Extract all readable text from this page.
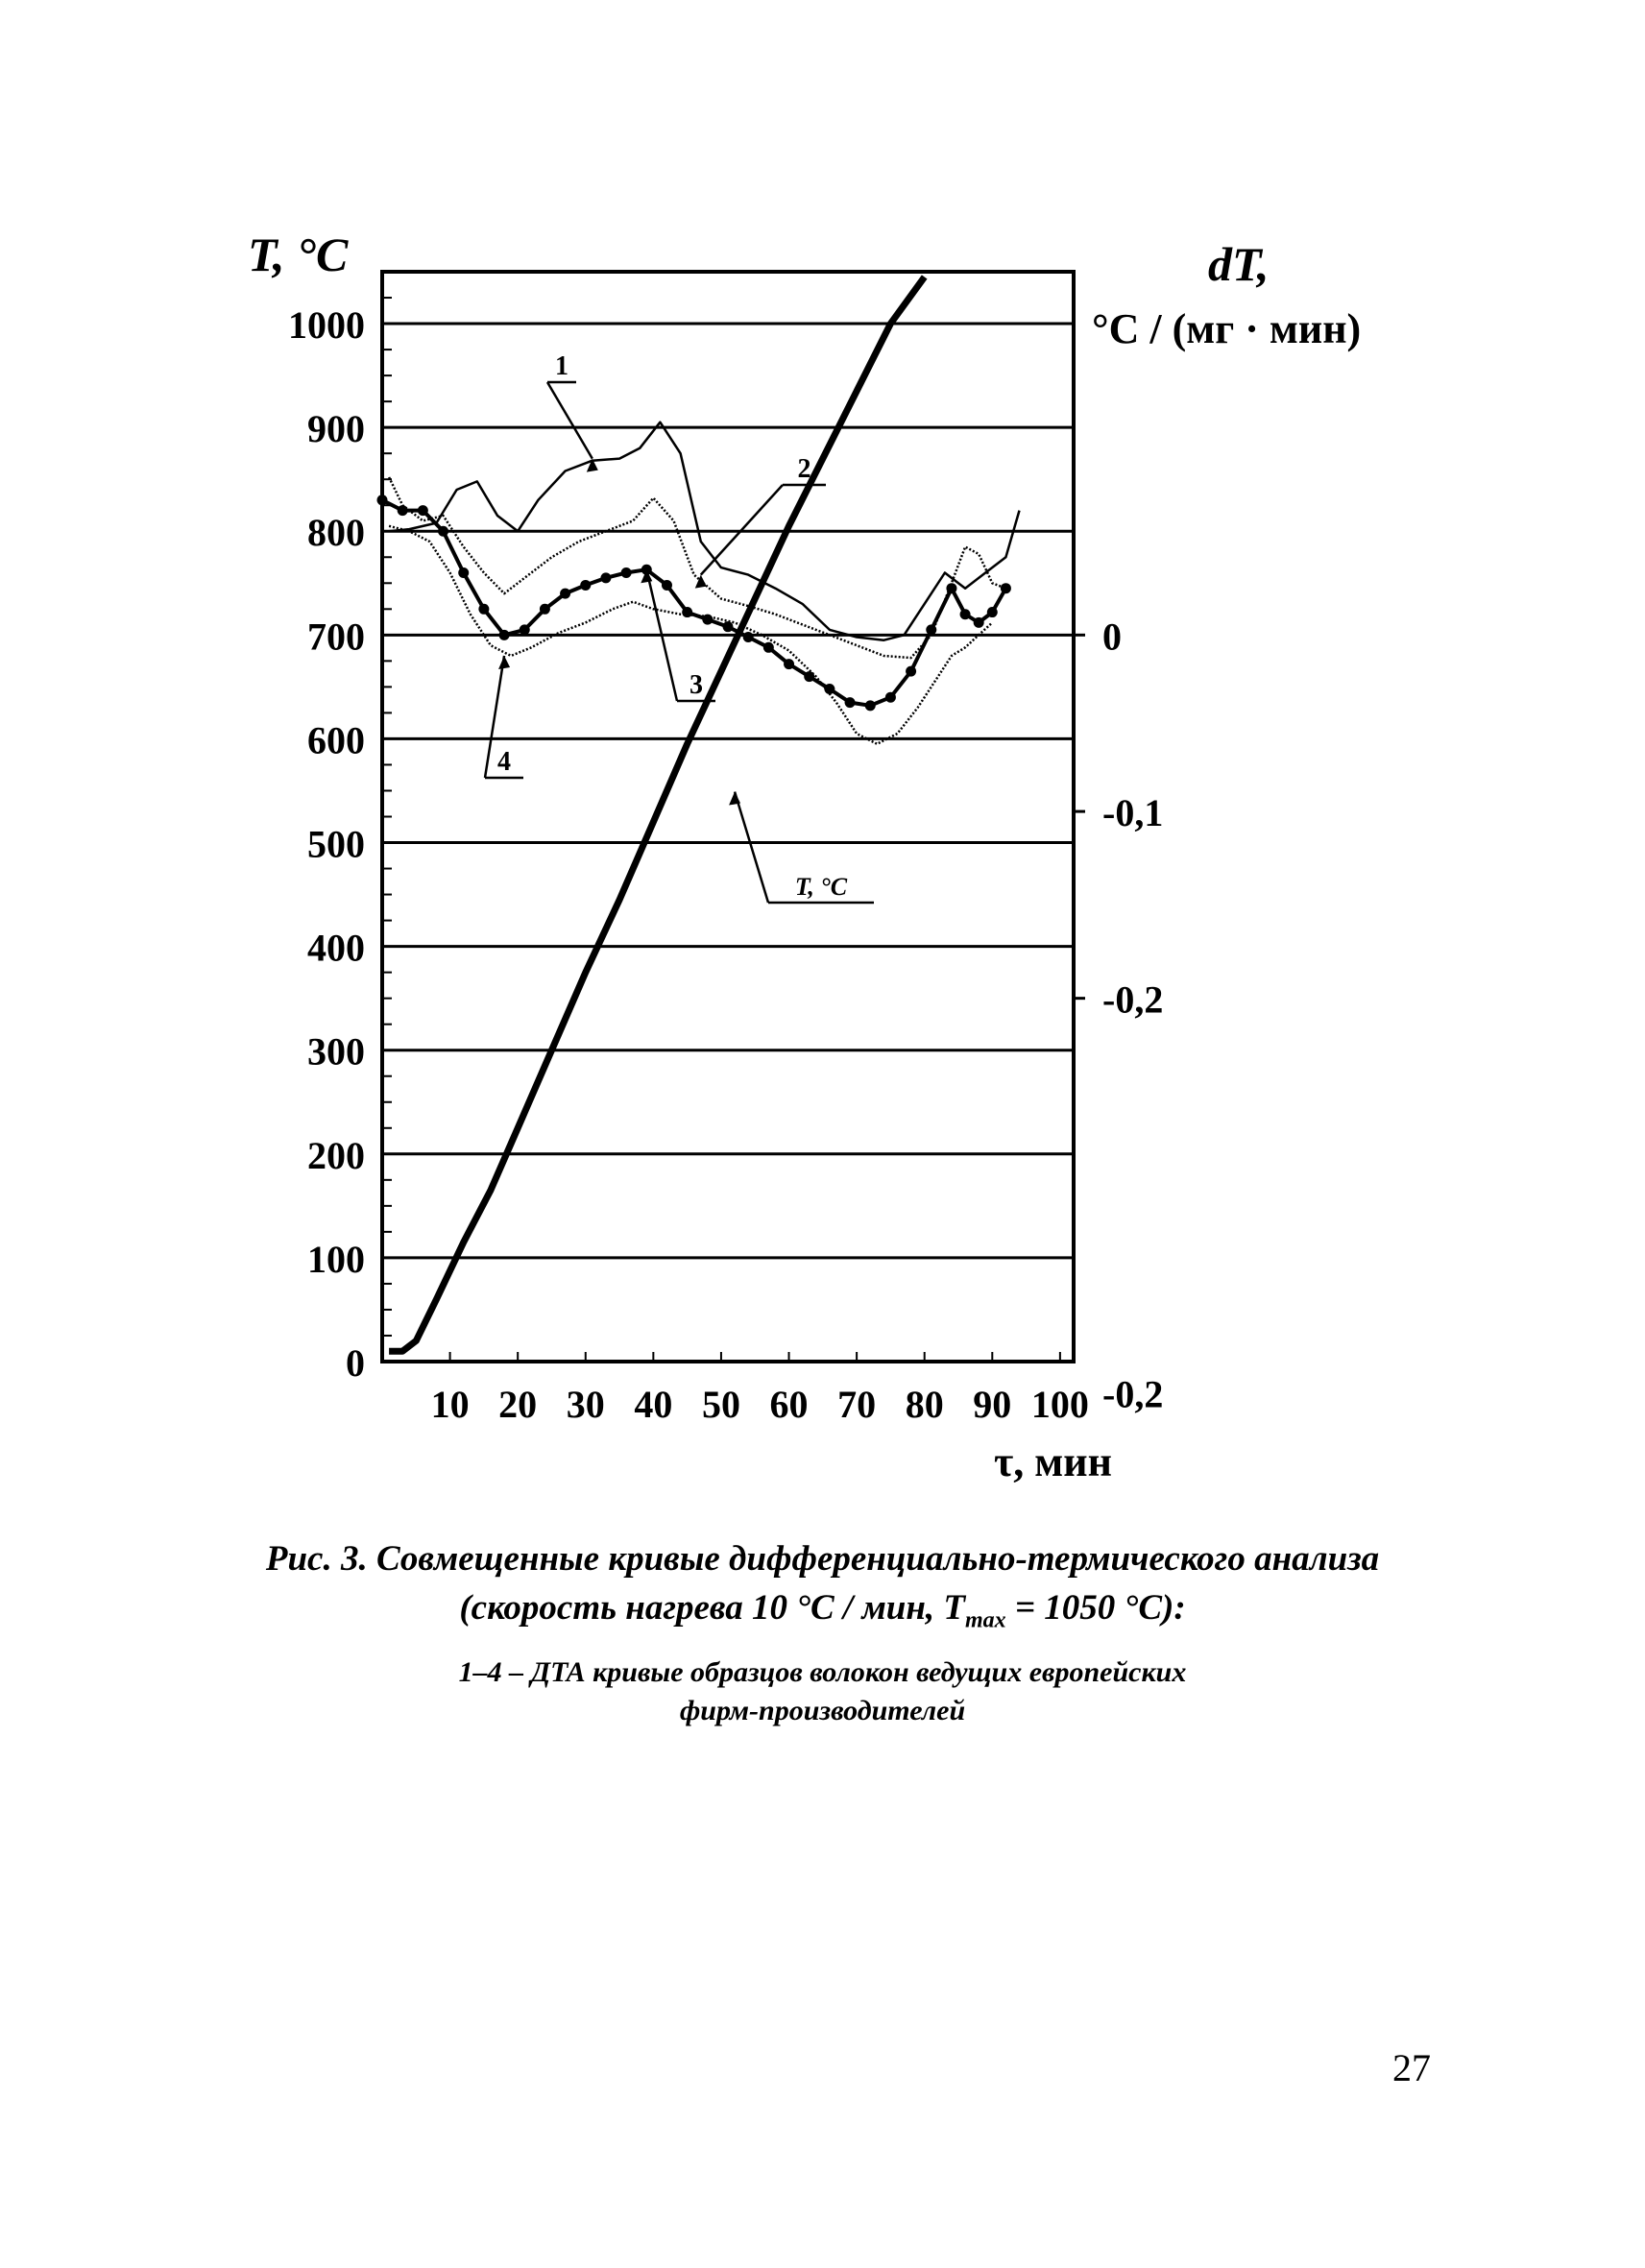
1
2
3
4
T, °C
0
100
200
300
400
500
600
700
800
900
1000
0
-0,1
-0,2
-0,2
10 20 30 40 50 60 70 80 90 100
T, °C	dT,
°C / (мг · мин)
τ, мин
Рис. 3. Совмещенные кривые дифференциально-термического анализа
(скорость нагрева 10 °С / мин, $T_{max} = 1050$ °С):
1–4 – ДТА кривые образцов волокон ведущих европейских
фирм-производителей
27
